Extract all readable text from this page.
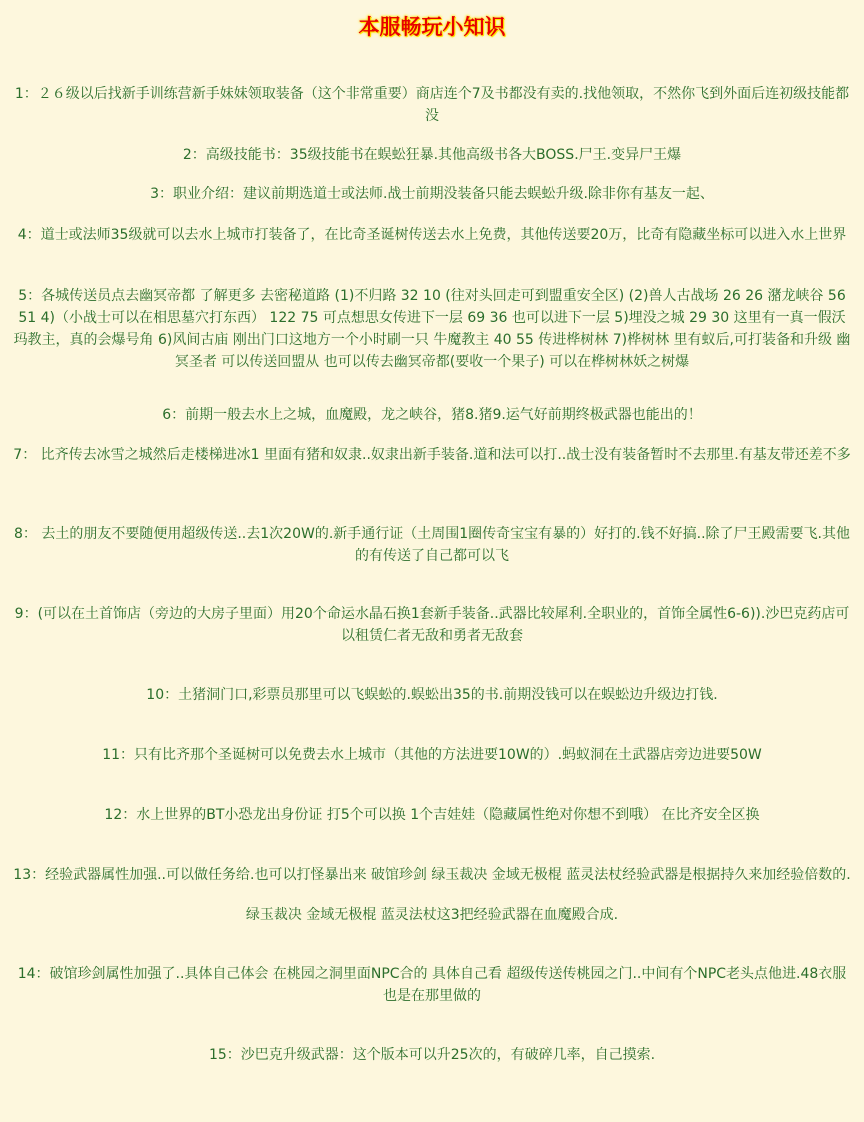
本服畅玩小知识

1：２６级以后找新手训练营新手妹妹领取装备（这个非常重要）商店连个7及书都没有卖的.找他领取，不然你飞到外面后连初级技能都没

2：高级技能书：35级技能书在蜈蚣狂暴.其他高级书各大BOSS.尸王.变异尸王爆

3：职业介绍：建议前期选道士或法师.战士前期没装备只能去蜈蚣升级.除非你有基友一起、

4：道士或法师35级就可以去水上城市打装备了，在比奇圣诞树传送去水上免费，其他传送要20万，比奇有隐藏坐标可以进入水上世界

5：各城传送员点去幽冥帝都 了解更多 去密秘道路 (1)不归路 32 10 (往对头回走可到盟重安全区) (2)兽人古战场 26 26 潴龙峡谷 56 51 4)（小战士可以在相思墓穴打东西） 122 75 可点想思女传进下一层 69 36 也可以进下一层 5)埋没之城 29 30 这里有一真一假沃玛教主，真的会爆号角 6)风间古庙 刚出门口这地方一个小时刷一只 牛魔教主 40 55 传进桦树林 7)桦树林 里有蚁后,可打装备和升级 幽冥圣者 可以传送回盟从 也可以传去幽冥帝都(要收一个果子) 可以在桦树林妖之树爆

6：前期一般去水上之城，血魔殿，龙之峡谷，猪8.猪9.运气好前期终极武器也能出的！

7： 比齐传去冰雪之城然后走楼梯进冰1 里面有猪和奴隶..奴隶出新手装备.道和法可以打..战士没有装备暂时不去那里.有基友带还差不多

8： 去土的朋友不要随便用超级传送..去1次20W的.新手通行证（土周围1圈传奇宝宝有暴的）好打的.钱不好搞..除了尸王殿需要飞.其他的有传送了自己都可以飞

9：(可以在土首饰店（旁边的大房子里面）用20个命运水晶石换1套新手装备..武器比较犀利.全职业的，首饰全属性6-6)).沙巴克药店可以租赁仁者无敌和勇者无敌套

10：土猪洞门口,彩票员那里可以飞蜈蚣的.蜈蚣出35的书.前期没钱可以在蜈蚣边升级边打钱.

11：只有比齐那个圣诞树可以免费去水上城市（其他的方法进要10W的）.蚂蚁洞在土武器店旁边进要50W

12：水上世界的BT小恐龙出身份证 打5个可以换 1个吉娃娃（隐藏属性绝对你想不到哦） 在比齐安全区换

13：经验武器属性加强..可以做任务给.也可以打怪暴出来 破馆珍剑 绿玉裁决 金域无极棍 蓝灵法杖经验武器是根据持久来加经验倍数的.

绿玉裁决 金域无极棍 蓝灵法杖这3把经验武器在血魔殿合成.

14：破馆珍剑属性加强了..具体自己体会 在桃园之洞里面NPC合的 具体自己看 超级传送传桃园之门..中间有个NPC老头点他进.48衣服也是在那里做的

15：沙巴克升级武器：这个版本可以升25次的，有破碎几率，自己摸索.
